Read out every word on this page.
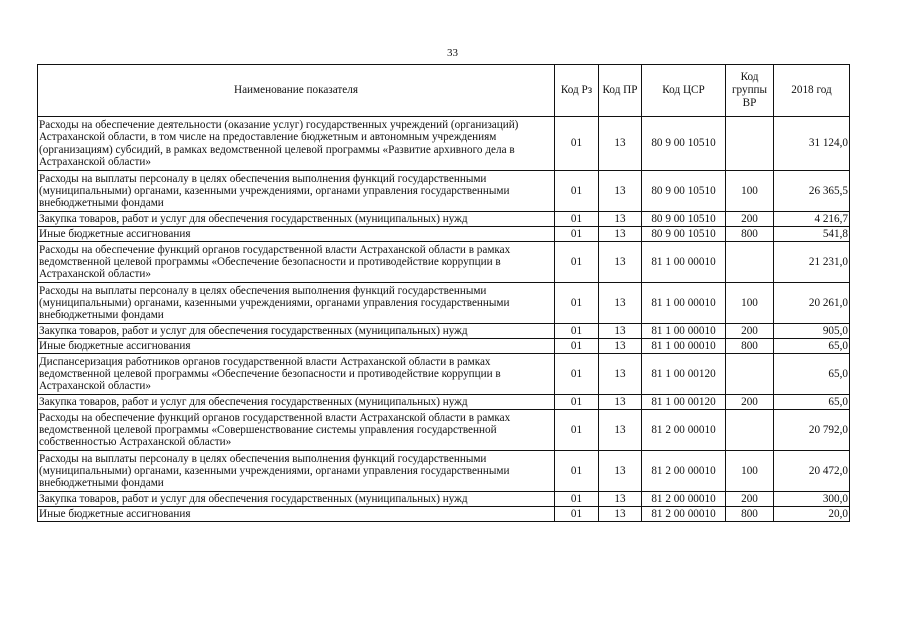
33
Наименование показателя	Код Рз	Код ПР	Код ЦСР	Код группы ВР	2018 год
Расходы на обеспечение деятельности (оказание услуг) государственных учреждений (организаций) Астраханской области, в том числе на предоставление бюджетным и автономным учреждениям (организациям) субсидий, в рамках ведомственной целевой программы «Развитие архивного дела в Астраханской области»	01	13	80 9 00 10510		31 124,0
Расходы на выплаты персоналу в целях обеспечения выполнения функций государственными (муниципальными) органами, казенными учреждениями, органами управления государственными внебюджетными фондами	01	13	80 9 00 10510	100	26 365,5
Закупка товаров, работ и услуг для обеспечения государственных (муниципальных) нужд	01	13	80 9 00 10510	200	4 216,7
Иные бюджетные ассигнования	01	13	80 9 00 10510	800	541,8
Расходы на обеспечение функций органов государственной власти Астраханской области в рамках ведомственной целевой программы «Обеспечение безопасности и противодействие коррупции в Астраханской области»	01	13	81 1 00 00010		21 231,0
Расходы на выплаты персоналу в целях обеспечения выполнения функций государственными (муниципальными) органами, казенными учреждениями, органами управления государственными внебюджетными фондами	01	13	81 1 00 00010	100	20 261,0
Закупка товаров, работ и услуг для обеспечения государственных (муниципальных) нужд	01	13	81 1 00 00010	200	905,0
Иные бюджетные ассигнования	01	13	81 1 00 00010	800	65,0
Диспансеризация работников органов государственной власти Астраханской области в рамках ведомственной целевой программы «Обеспечение безопасности и противодействие коррупции в Астраханской области»	01	13	81 1 00 00120		65,0
Закупка товаров, работ и услуг для обеспечения государственных (муниципальных) нужд	01	13	81 1 00 00120	200	65,0
Расходы на обеспечение функций органов государственной власти Астраханской области в рамках ведомственной целевой программы «Совершенствование системы управления государственной собственностью Астраханской области»	01	13	81 2 00 00010		20 792,0
Расходы на выплаты персоналу в целях обеспечения выполнения функций государственными (муниципальными) органами, казенными учреждениями, органами управления государственными внебюджетными фондами	01	13	81 2 00 00010	100	20 472,0
Закупка товаров, работ и услуг для обеспечения государственных (муниципальных) нужд	01	13	81 2 00 00010	200	300,0
Иные бюджетные ассигнования	01	13	81 2 00 00010	800	20,0
